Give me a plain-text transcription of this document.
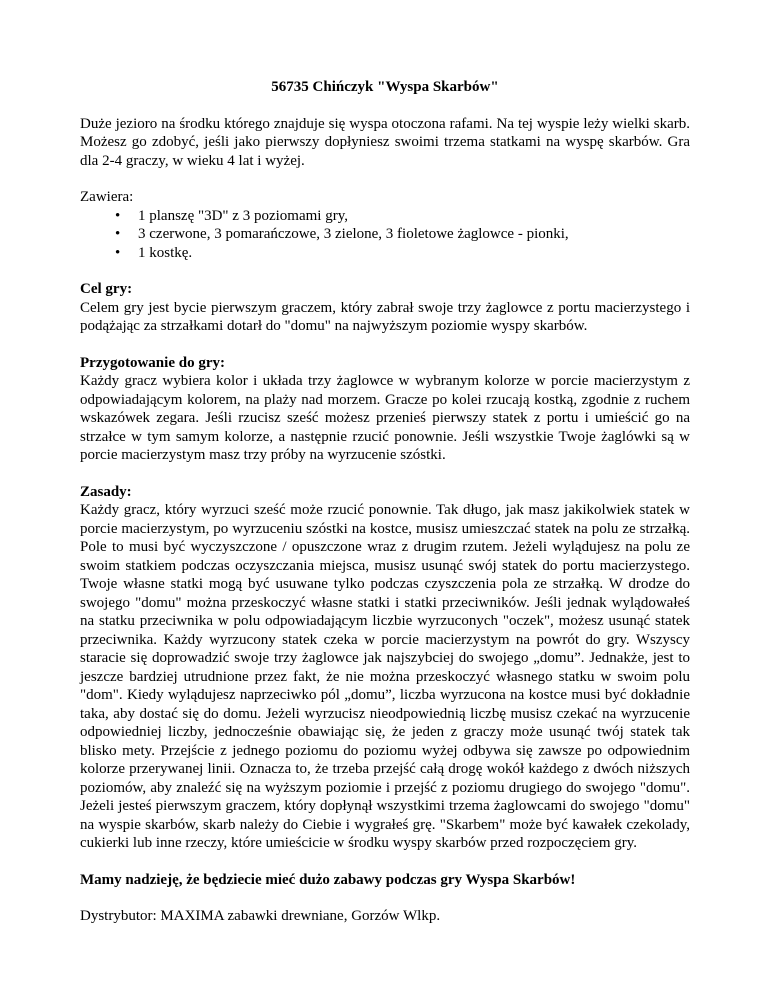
56735 Chińczyk "Wyspa Skarbów"

Duże jezioro na środku którego znajduje się wyspa otoczona rafami. Na tej wyspie leży wielki skarb. Możesz go zdobyć, jeśli jako pierwszy dopłyniesz swoimi trzema statkami na wyspę skarbów. Gra dla 2-4 graczy, w wieku 4 lat i wyżej.

Zawiera:
• 1 planszę "3D" z 3 poziomami gry,
• 3 czerwone, 3 pomarańczowe, 3 zielone, 3 fioletowe żaglowce - pionki,
• 1 kostkę.
Cel gry:
Celem gry jest bycie pierwszym graczem, który zabrał swoje trzy żaglowce z portu macierzystego i podążając za strzałkami dotarł do "domu" na najwyższym poziomie wyspy skarbów.
Przygotowanie do gry:
Każdy gracz wybiera kolor i układa trzy żaglowce w wybranym kolorze w porcie macierzystym z odpowiadającym kolorem, na plaży nad morzem. Gracze po kolei rzucają kostką, zgodnie z ruchem wskazówek zegara. Jeśli rzucisz sześć możesz przenieś pierwszy statek z portu i umieścić go na strzałce w tym samym kolorze, a następnie rzucić ponownie. Jeśli wszystkie Twoje żaglówki są w porcie macierzystym masz trzy próby na wyrzucenie szóstki.
Zasady:
Każdy gracz, który wyrzuci sześć może rzucić ponownie. Tak długo, jak masz jakikolwiek statek w porcie macierzystym, po wyrzuceniu szóstki na kostce, musisz umieszczać statek na polu ze strzałką. Pole to musi być wyczyszczone / opuszczone wraz z drugim rzutem. Jeżeli wylądujesz na polu ze swoim statkiem podczas oczyszczania miejsca, musisz usunąć swój statek do portu macierzystego. Twoje własne statki mogą być usuwane tylko podczas czyszczenia pola ze strzałką. W drodze do swojego "domu" można przeskoczyć własne statki i statki przeciwników. Jeśli jednak wylądowałeś na statku przeciwnika w polu odpowiadającym liczbie wyrzuconych "oczek", możesz usunąć statek przeciwnika. Każdy wyrzucony statek czeka w porcie macierzystym na powrót do gry. Wszyscy staracie się doprowadzić swoje trzy żaglowce jak najszybciej do swojego „domu”. Jednakże, jest to jeszcze bardziej utrudnione przez fakt, że nie można przeskoczyć własnego statku w swoim polu "dom". Kiedy wylądujesz naprzeciwko pól „domu”, liczba wyrzucona na kostce musi być dokładnie taka, aby dostać się do domu. Jeżeli wyrzucisz nieodpowiednią liczbę musisz czekać na wyrzucenie odpowiedniej liczby, jednocześnie obawiając się, że jeden z graczy może usunąć twój statek tak blisko mety. Przejście z jednego poziomu do poziomu wyżej odbywa się zawsze po odpowiednim kolorze przerywanej linii. Oznacza to, że trzeba przejść całą drogę wokół każdego z dwóch niższych poziomów, aby znaleźć się na wyższym poziomie i przejść z poziomu drugiego do swojego "domu". Jeżeli jesteś pierwszym graczem, który dopłynął wszystkimi trzema żaglowcami do swojego "domu" na wyspie skarbów, skarb należy do Ciebie i wygrałeś grę. "Skarbem" może być kawałek czekolady, cukierki lub inne rzeczy, które umieścicie w środku wyspy skarbów przed rozpoczęciem gry.

Mamy nadzieję, że będziecie mieć dużo zabawy podczas gry Wyspa Skarbów!

Dystrybutor: MAXIMA zabawki drewniane, Gorzów Wlkp.
